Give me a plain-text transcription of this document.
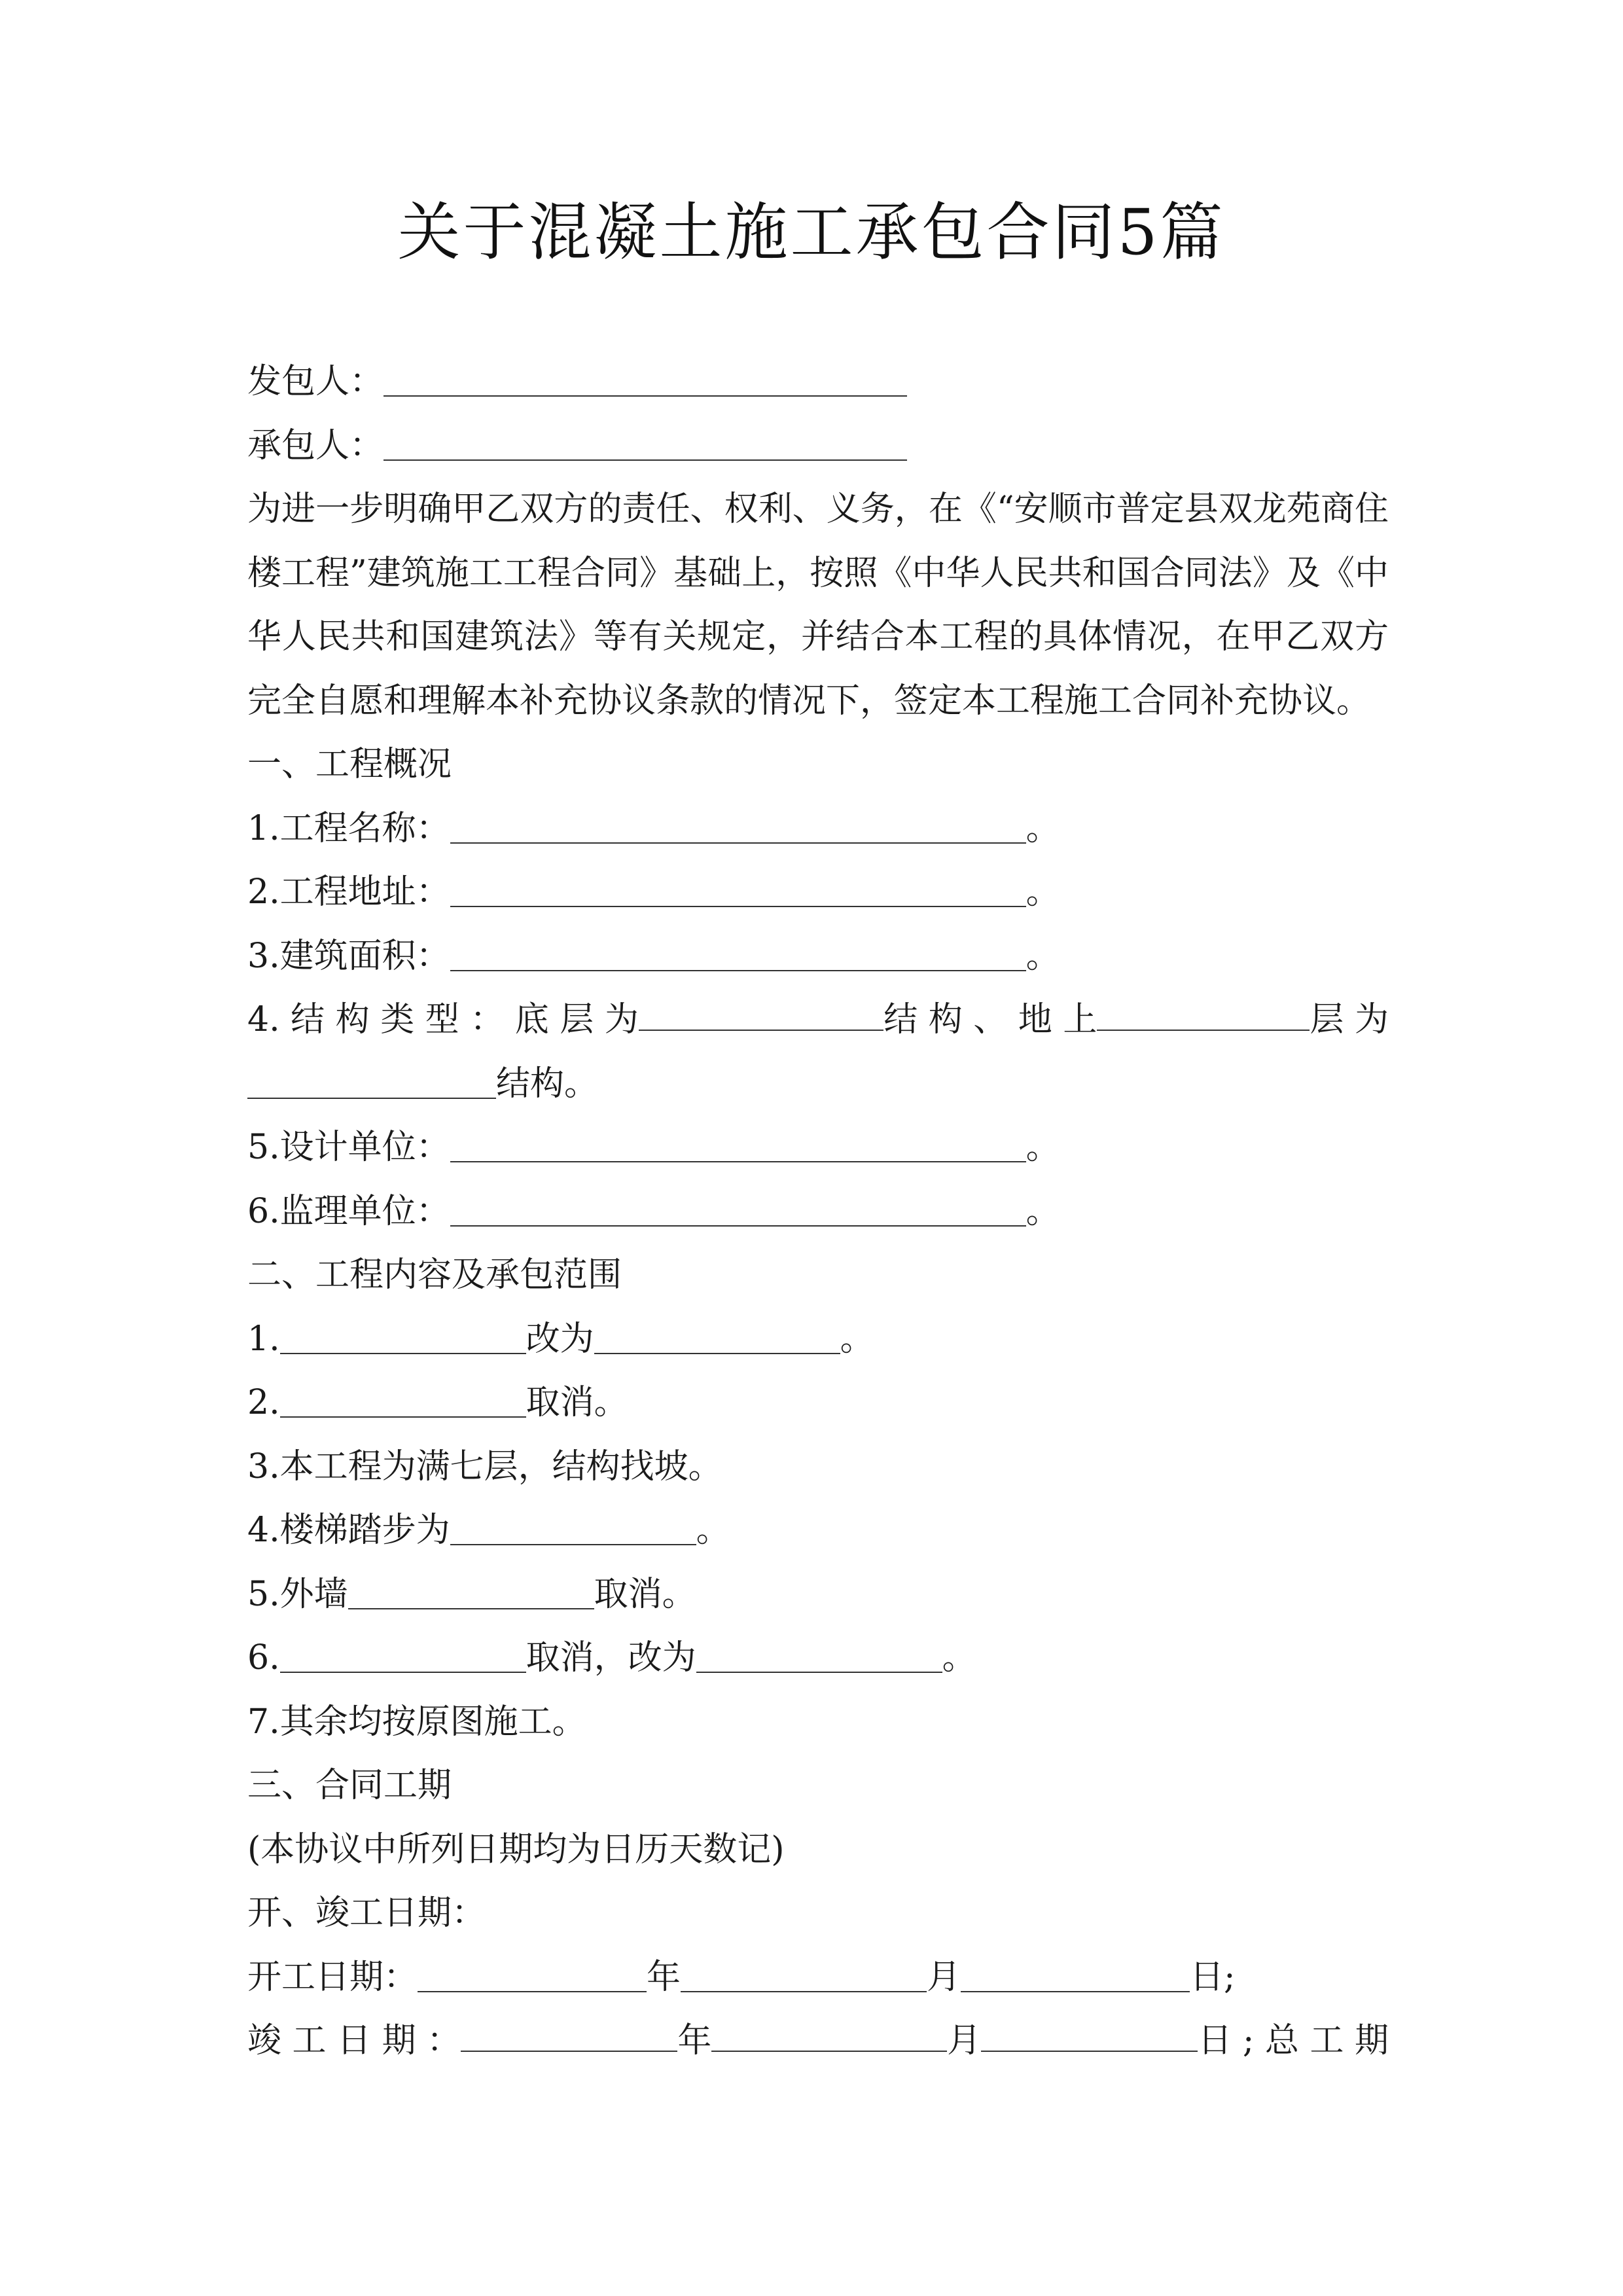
关于混凝土施工承包合同5篇
发包人：
承包人：
为进一步明确甲乙双方的责任、权利、义务，在《“安顺市普定县双龙苑商住楼工程”建筑施工工程合同》基础上，按照《中华人民共和国合同法》及《中华人民共和国建筑法》等有关规定，并结合本工程的具体情况，在甲乙双方完全自愿和理解本补充协议条款的情况下，签定本工程施工合同补充协议。
一、工程概况
1.工程名称：	。
2.工程地址：	。
3.建筑面积：	。
4. 结 构 类 型 ： 底 层 为	结 构 、 地 上	层 为
结构。
5.设计单位：	。
6.监理单位：	。
二、工程内容及承包范围
1.	改为	。
2.	取消。
3.本工程为满七层，结构找坡。
4.楼梯踏步为	。
5.外墙	取消。
6.	取消，改为	。
7.其余均按原图施工。
三、合同工期
(本协议中所列日期均为日历天数记)
开、竣工日期：
开工日期：	年	月	日;
竣 工 日 期 ：	年	月	日 ; 总 工 期
